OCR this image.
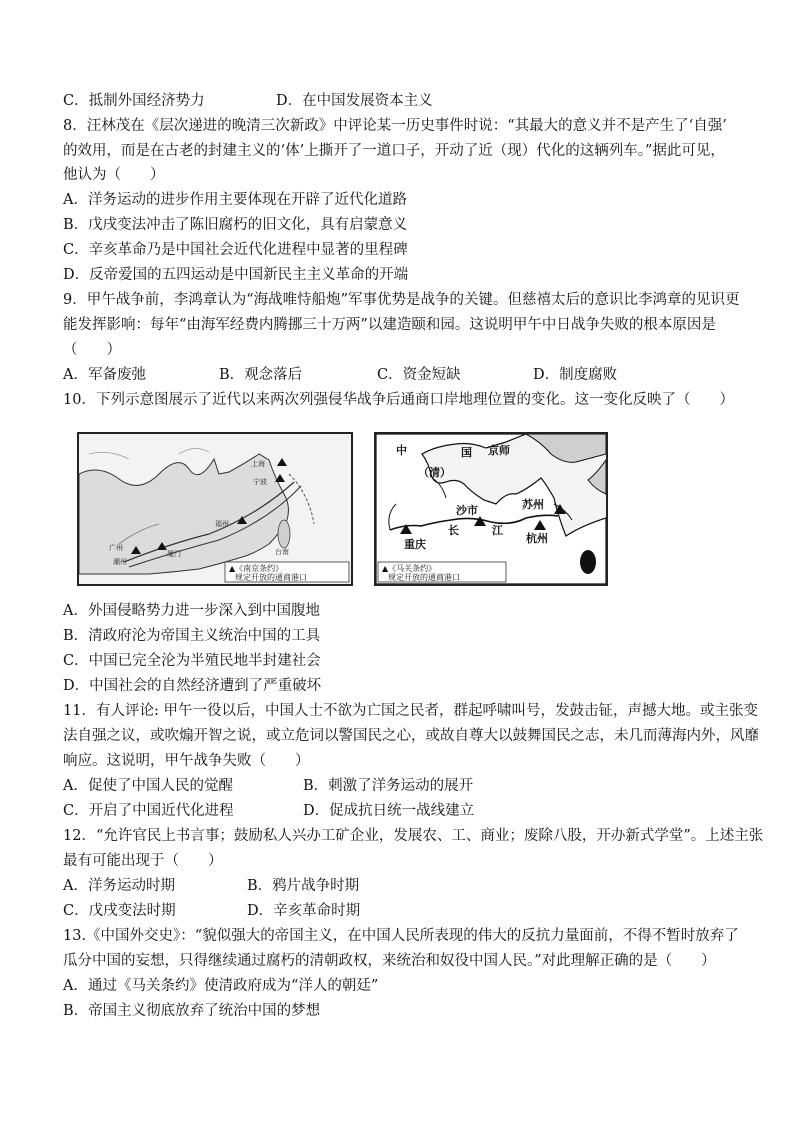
C．抵制外国经济势力	D．在中国发展资本主义
8．汪林茂在《层次递进的晚清三次新政》中评论某一历史事件时说：“其最大的意义并不是产生了‘自强’
的效用，而是在古老的封建主义的‘体’上撕开了一道口子，开动了近（现）代化的这辆列车。”据此可见，
他认为（　　）
A．洋务运动的进步作用主要体现在开辟了近代化道路
B．戊戌变法冲击了陈旧腐朽的旧文化，具有启蒙意义
C．辛亥革命乃是中国社会近代化进程中显著的里程碑
D．反帝爱国的五四运动是中国新民主主义革命的开端
9．甲午战争前，李鸿章认为“海战唯恃船炮”军事优势是战争的关键。但慈禧太后的意识比李鸿章的见识更
能发挥影响：每年“由海军经费内腾挪三十万两”以建造颐和园。这说明甲午中日战争失败的根本原因是
（　　）
A．军备废弛	B．观念落后	C．资金短缺	D．制度腐败
10．下列示意图展示了近代以来两次列强侵华战争后通商口岸地理位置的变化。这一变化反映了（　　）
上海
宁波
福州
厦门
广州
潮州
台南
▲《南京条约》
规定开放的通商港口
中	国 京师
（清）
苏州
沙市
长	江
杭州
重庆
▲《马关条约》
规定开放的通商港口
A．外国侵略势力进一步深入到中国腹地
B．清政府沦为帝国主义统治中国的工具
C．中国已完全沦为半殖民地半封建社会
D．中国社会的自然经济遭到了严重破坏
11．有人评论: 甲午一役以后，中国人士不欲为亡国之民者，群起呼啸叫号，发鼓击钲，声撼大地。或主张变
法自强之议，或吹煽开智之说，或立危词以警国民之心，或故自尊大以鼓舞国民之志，未几而薄海内外，风靡
响应。这说明，甲午战争失败（　　）
A．促使了中国人民的觉醒	B．刺激了洋务运动的展开
C．开启了中国近代化进程	D．促成抗日统一战线建立
12．“允许官民上书言事；鼓励私人兴办工矿企业，发展农、工、商业；废除八股，开办新式学堂”。上述主张
最有可能出现于（　　）
A．洋务运动时期	B．鸦片战争时期
C．戊戌变法时期	D．辛亥革命时期
13.《中国外交史》：“貌似强大的帝国主义，在中国人民所表现的伟大的反抗力量面前，不得不暂时放弃了
瓜分中国的妄想，只得继续通过腐朽的清朝政权，来统治和奴役中国人民。”对此理解正确的是（　　）
A．通过《马关条约》使清政府成为“洋人的朝廷”
B．帝国主义彻底放弃了统治中国的梦想
